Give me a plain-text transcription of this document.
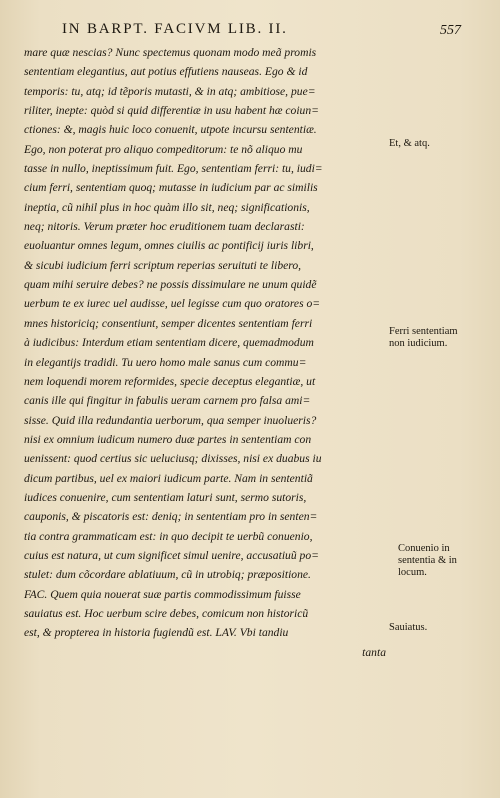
IN BARPT. FACIVM LIB. II.	557
mare quæ nescias? Nunc spectemus quonam modo meã promis
sententiam elegantius, aut potius effutiens nauseas. Ego & id
temporis: tu, atq; id tẽporis mutasti, & in atq; ambitiose, pue=
riliter, inepte: quòd si quid differentiæ in usu habent hæ coiun=
ctiones: &, magis huic loco conuenit, utpote incursu sententiæ.
Ego, non poterat pro aliquo compeditorum: te nõ aliquo mu
tasse in nullo, ineptissimum fuit. Ego, sententiam ferri: tu, iudi=
cium ferri, sententiam quoq; mutasse in iudicium par ac similis
ineptia, cũ nihil plus in hoc quàm illo sit, neq; significationis,
neq; nitoris. Verum præter hoc eruditionem tuam declarasti:
euoluantur omnes legum, omnes ciuilis ac pontificij iuris libri,
& sicubi iudicium ferri scriptum reperias seruituti te libero,
quam mihi seruire debes? ne possis dissimulare ne unum quidẽ
uerbum te ex iurec uel audisse, uel legisse cum quo oratores o=
mnes historiciq; consentiunt, semper dicentes sententiam ferri
à iudicibus: Interdum etiam sententiam dicere, quemadmodum
in elegantijs tradidi. Tu uero homo male sanus cum commu=
nem loquendi morem reformides, specie deceptus elegantiæ, ut
canis ille qui fingitur in fabulis ueram carnem pro falsa ami=
sisse. Quid illa redundantia uerborum, qua semper inuolueris?
nisi ex omnium iudicum numero duæ partes in sententiam con
uenissent: quod certius sic ueluciusq; dixisses, nisi ex duabus iu
dicum partibus, uel ex maiori iudicum parte. Nam in sententiã
iudices conuenire, cum sententiam laturi sunt, sermo sutoris,
cauponis, & piscatoris est: deniq; in sententiam pro in senten=
tia contra grammaticam est: in quo decipit te uerbũ conuenio,
cuius est natura, ut cum significet simul uenire, accusatiuũ po=
stulet: dum cõcordare ablatiuum, cũ in utrobiq; præpositione.
FAC. Quem quia nouerat suæ partis commodissimum fuisse
sauiatus est. Hoc uerbum scire debes, comicum non historicũ
est, & propterea in historia fugiendũ est. LAV. Vbi tandiu
tanta
Et, & atq.
Ferri sententiam
non iudicium.
Conuenio in
sententia & in
locum.
Sauiatus.
